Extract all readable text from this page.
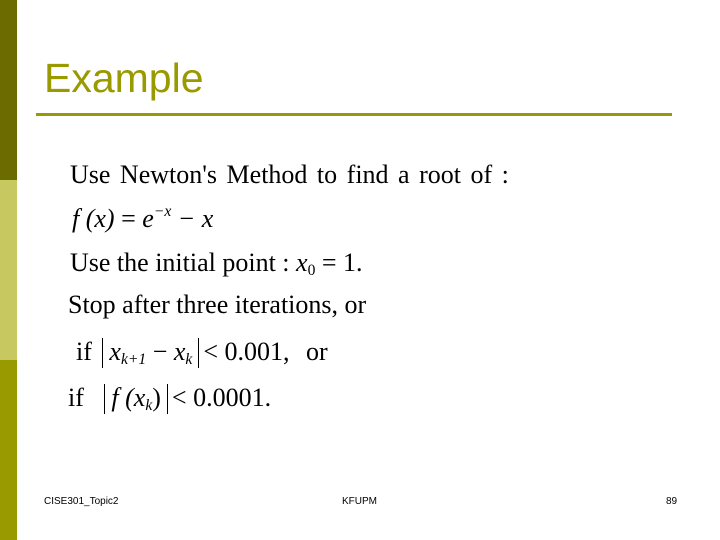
Example
Use Newton's Method to find a root of :
f $(x) = e^{-x} - x$
Use the initial point : $x_0 = 1$.
Stop after three iterations, or
if $x_{k+1} - x_k < 0.001$, or
if f $(x_k) < 0.0001$.
CISE301_Topic2	KFUPM	89
